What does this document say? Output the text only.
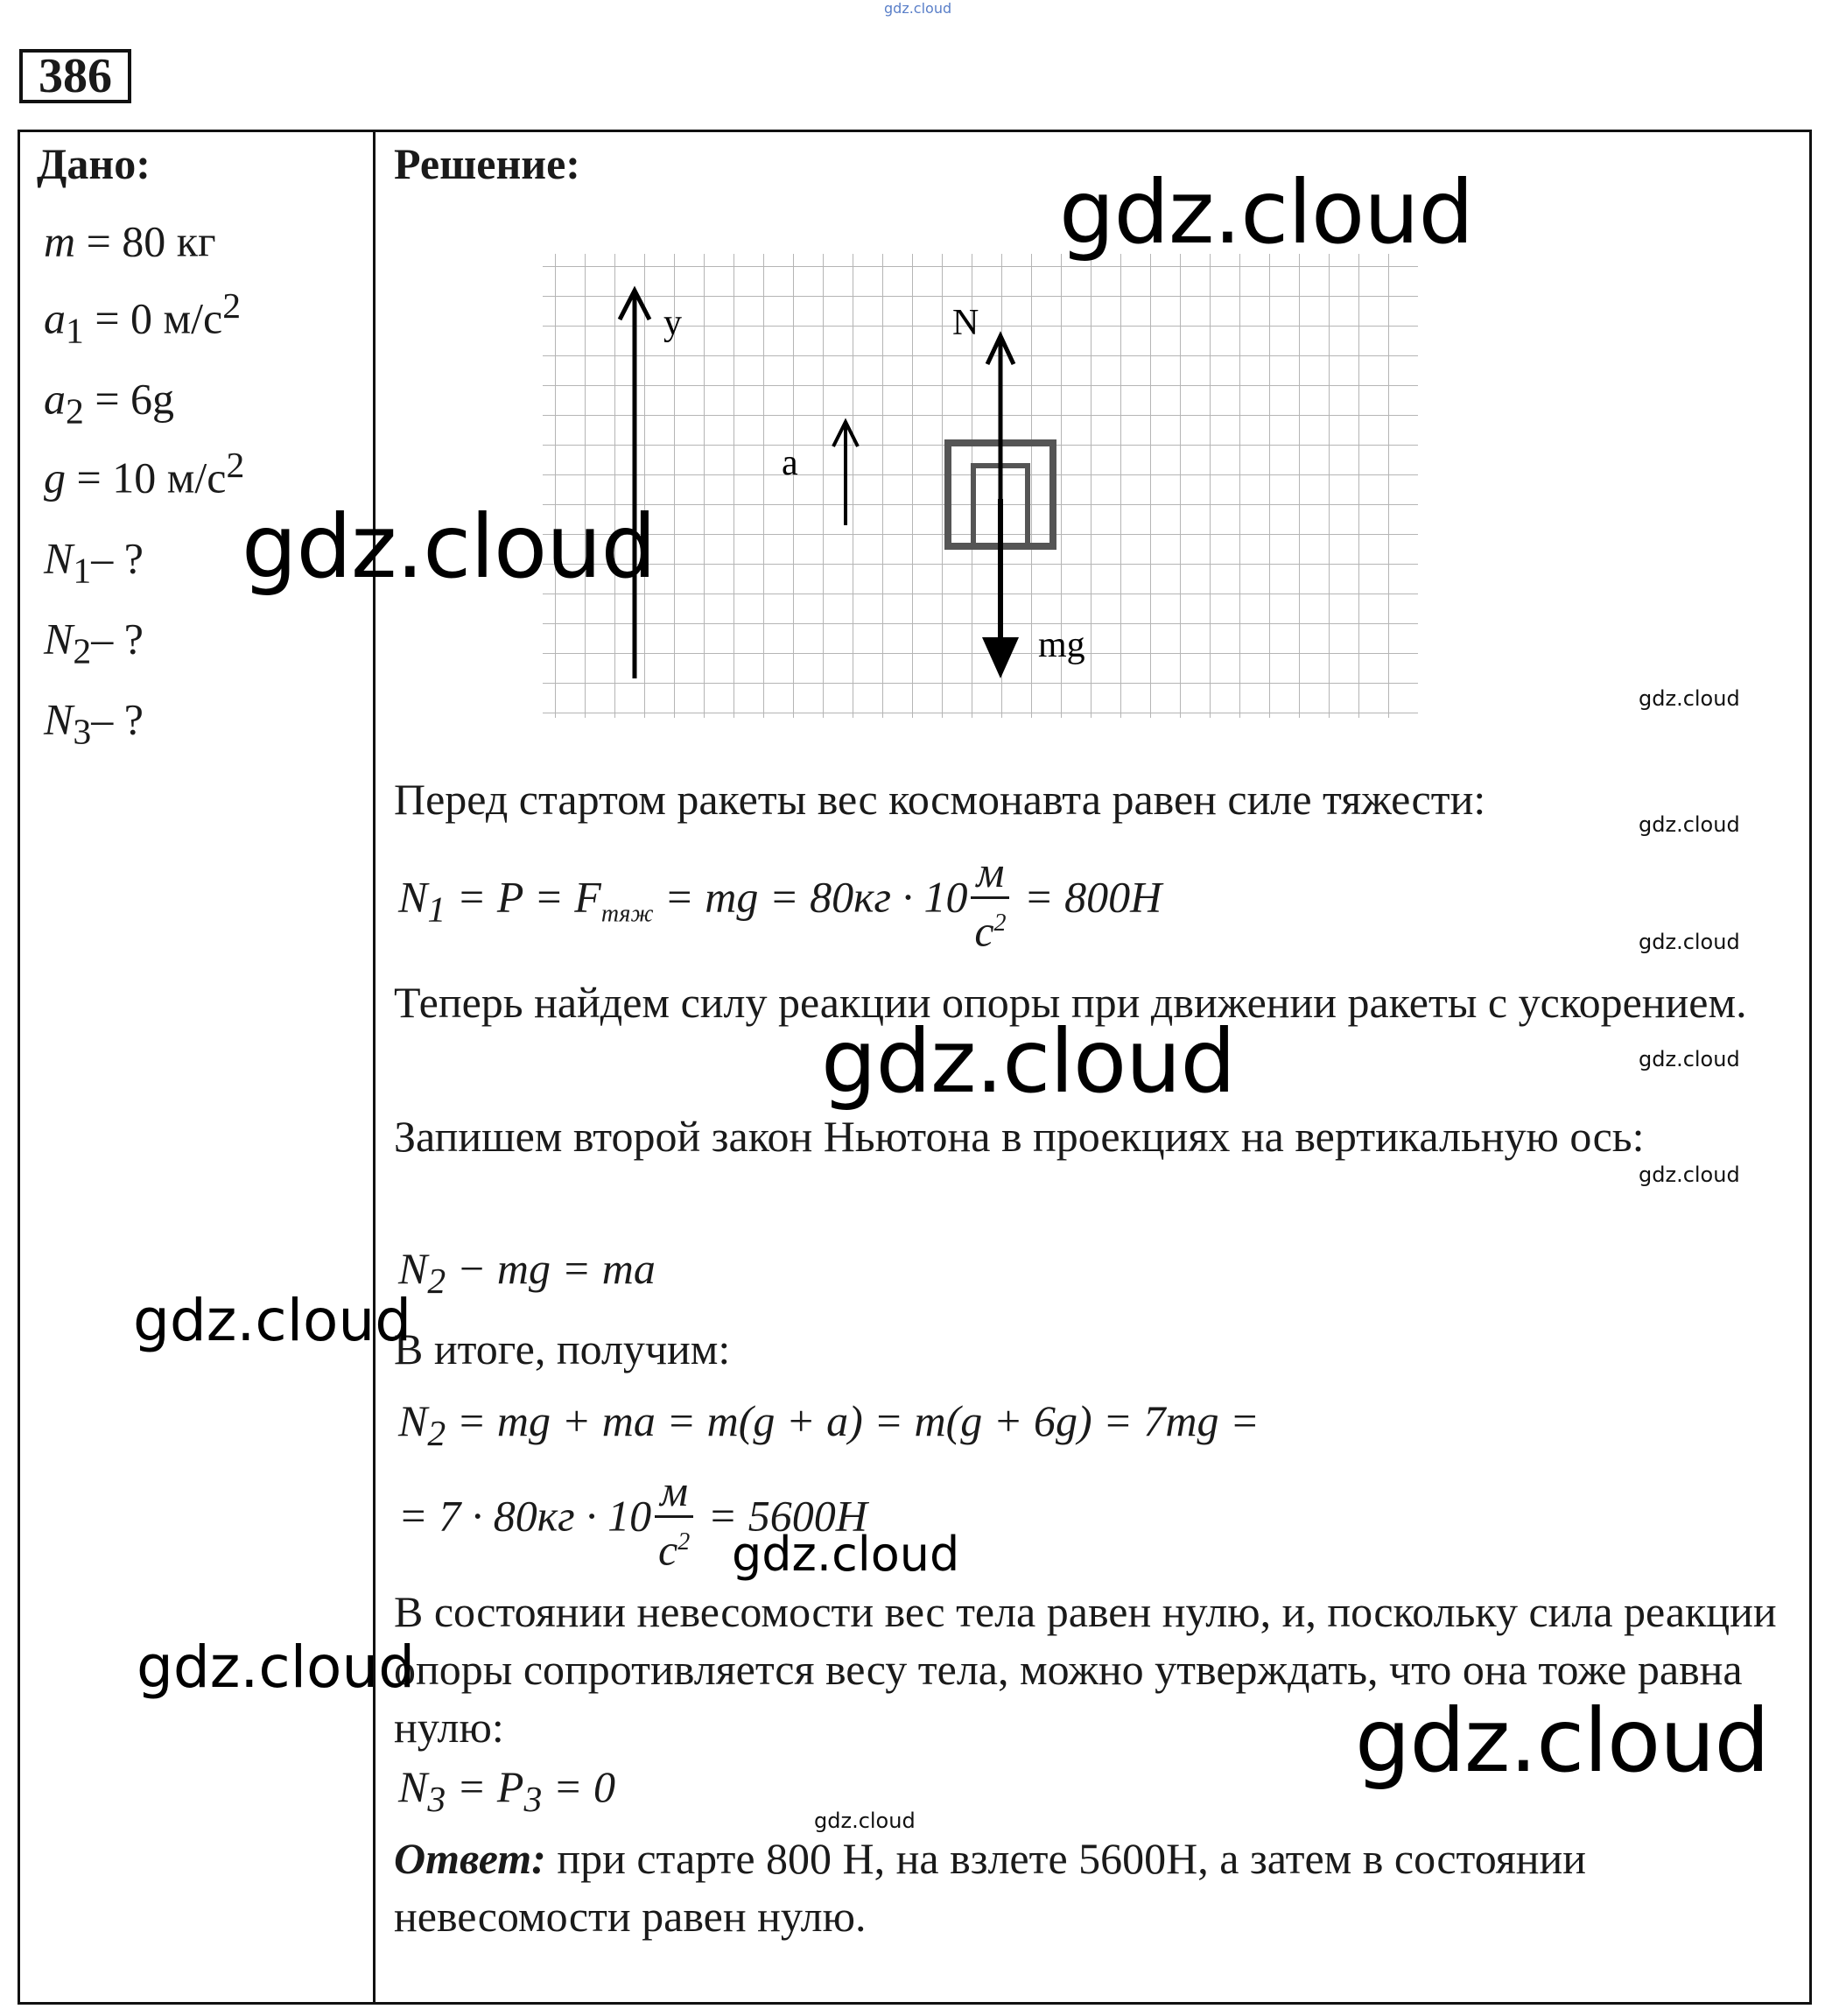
gdz.cloud
386
Дано:
m = 80 кг
$a_1 = 0$ $м/с^2$
$a_2 = 6g$
g = 10 $м/с^2$
$N_1-$ ?
$N_2-$ ?
$N_3-$ ?
Решение:
y
a
N
mg
Перед стартом ракеты вес космонавта равен силе тяжести:
$N_1 = P = F_{тяж}$ = mg = $80кг \cdot 10 \frac{м}{с^2} = 800H$
Теперь найдем силу реакции опоры при движении ракеты с ускорением.
Запишем второй закон Ньютона в проекциях на вертикальную ось:
$N_2$ − mg = ma
В итоге, получим:
$N_2$ = mg + ma = m(g + a) = m(g + 6g) = 7mg =
= $7 \cdot 80кг \cdot 10 \frac{м}{с^2} = 5600H$
В состоянии невесомости вес тела равен нулю, и, поскольку сила реакции опоры сопротивляется весу тела, можно утверждать, что она тоже равна нулю:
$N_3 = P_3 = 0$
Ответ: при старте 800 Н, на взлете 5600Н, а затем в состоянии невесомости равен нулю.
gdz.cloud
gdz.cloud
gdz.cloud
gdz.cloud
gdz.cloud
gdz.cloud
gdz.cloud
gdz.cloud
gdz.cloud
gdz.cloud
gdz.cloud
gdz.cloud
gdz.cloud
